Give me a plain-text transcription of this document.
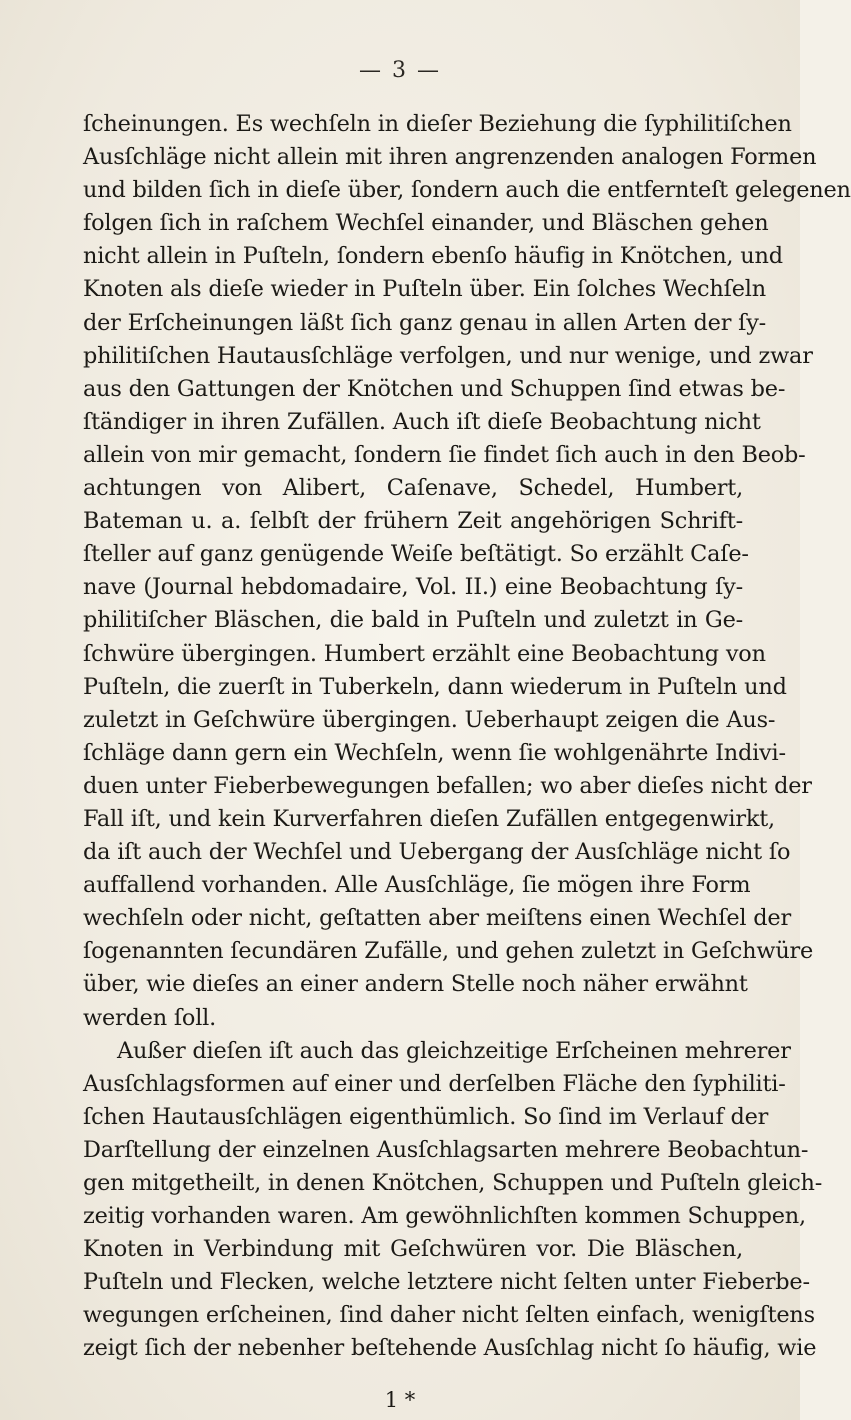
— 3 —
ſcheinungen. Es wechſeln in dieſer Beziehung die ſyphilitiſchen
Ausſchläge nicht allein mit ihren angrenzenden analogen Formen
und bilden ſich in dieſe über, ſondern auch die entfernteſt gelegenen
folgen ſich in raſchem Wechſel einander, und Bläschen gehen
nicht allein in Puſteln, ſondern ebenſo häufig in Knötchen, und
Knoten als dieſe wieder in Puſteln über. Ein ſolches Wechſeln
der Erſcheinungen läßt ſich ganz genau in allen Arten der ſy-
philitiſchen Hautausſchläge verfolgen, und nur wenige, und zwar
aus den Gattungen der Knötchen und Schuppen ſind etwas be-
ſtändiger in ihren Zufällen. Auch iſt dieſe Beobachtung nicht
allein von mir gemacht, ſondern ſie findet ſich auch in den Beob-
achtungen von Alibert, Caſenave, Schedel, Humbert,
Bateman u. a. ſelbſt der frühern Zeit angehörigen Schrift-
ſteller auf ganz genügende Weiſe beſtätigt. So erzählt Caſe-
nave (Journal hebdomadaire, Vol. II.) eine Beobachtung ſy-
philitiſcher Bläschen, die bald in Puſteln und zuletzt in Ge-
ſchwüre übergingen. Humbert erzählt eine Beobachtung von
Puſteln, die zuerſt in Tuberkeln, dann wiederum in Puſteln und
zuletzt in Geſchwüre übergingen. Ueberhaupt zeigen die Aus-
ſchläge dann gern ein Wechſeln, wenn ſie wohlgenährte Indivi-
duen unter Fieberbewegungen befallen; wo aber dieſes nicht der
Fall iſt, und kein Kurverfahren dieſen Zufällen entgegenwirkt,
da iſt auch der Wechſel und Uebergang der Ausſchläge nicht ſo
auffallend vorhanden. Alle Ausſchläge, ſie mögen ihre Form
wechſeln oder nicht, geſtatten aber meiſtens einen Wechſel der
ſogenannten ſecundären Zufälle, und gehen zuletzt in Geſchwüre
über, wie dieſes an einer andern Stelle noch näher erwähnt
werden ſoll.
Außer dieſen iſt auch das gleichzeitige Erſcheinen mehrerer
Ausſchlagsformen auf einer und derſelben Fläche den ſyphiliti-
ſchen Hautausſchlägen eigenthümlich. So ſind im Verlauf der
Darſtellung der einzelnen Ausſchlagsarten mehrere Beobachtun-
gen mitgetheilt, in denen Knötchen, Schuppen und Puſteln gleich-
zeitig vorhanden waren. Am gewöhnlichſten kommen Schuppen,
Knoten in Verbindung mit Geſchwüren vor. Die Bläschen,
Puſteln und Flecken, welche letztere nicht ſelten unter Fieberbe-
wegungen erſcheinen, ſind daher nicht ſelten einfach, wenigſtens
zeigt ſich der nebenher beſtehende Ausſchlag nicht ſo häufig, wie
1 *
